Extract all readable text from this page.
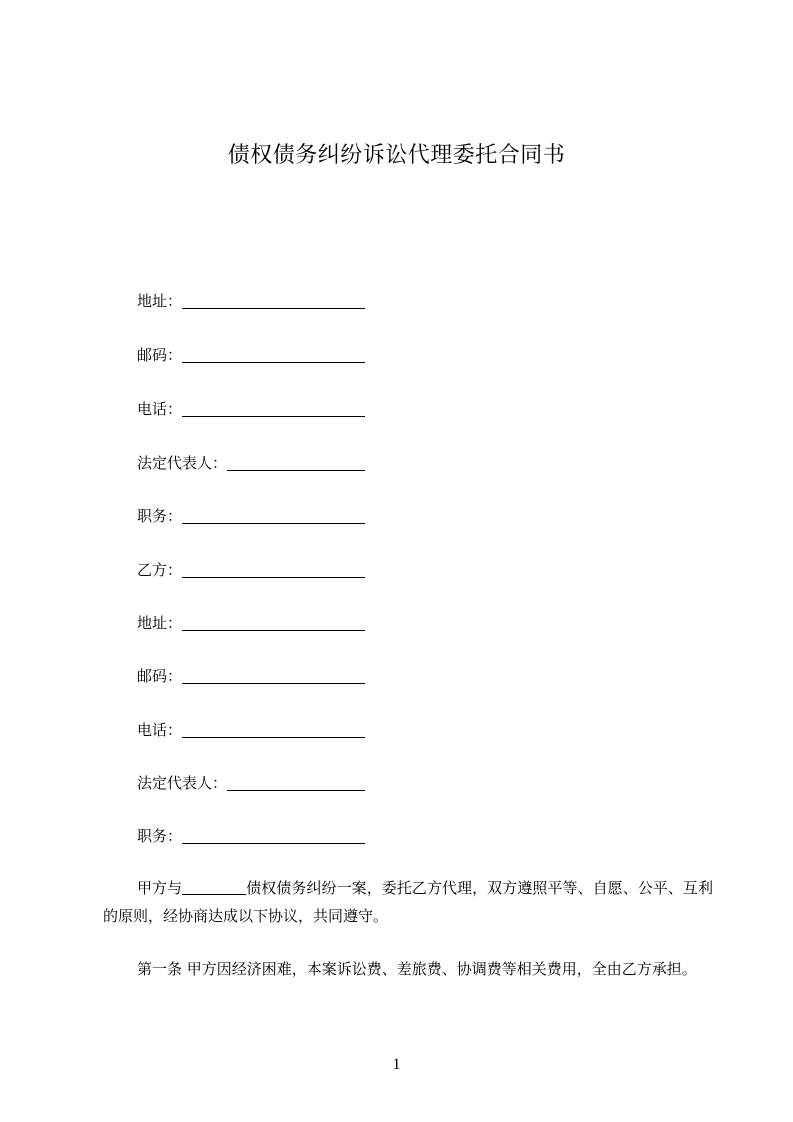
债权债务纠纷诉讼代理委托合同书
地址：
邮码：
电话：
法定代表人：
职务：
乙方：
地址：
邮码：
电话：
法定代表人：
职务：
甲方与	债权债务纠纷一案，委托乙方代理，双方遵照平等、自愿、公平、互利的原则，经协商达成以下协议，共同遵守。
第一条 甲方因经济困难，本案诉讼费、差旅费、协调费等相关费用，全由乙方承担。
1
